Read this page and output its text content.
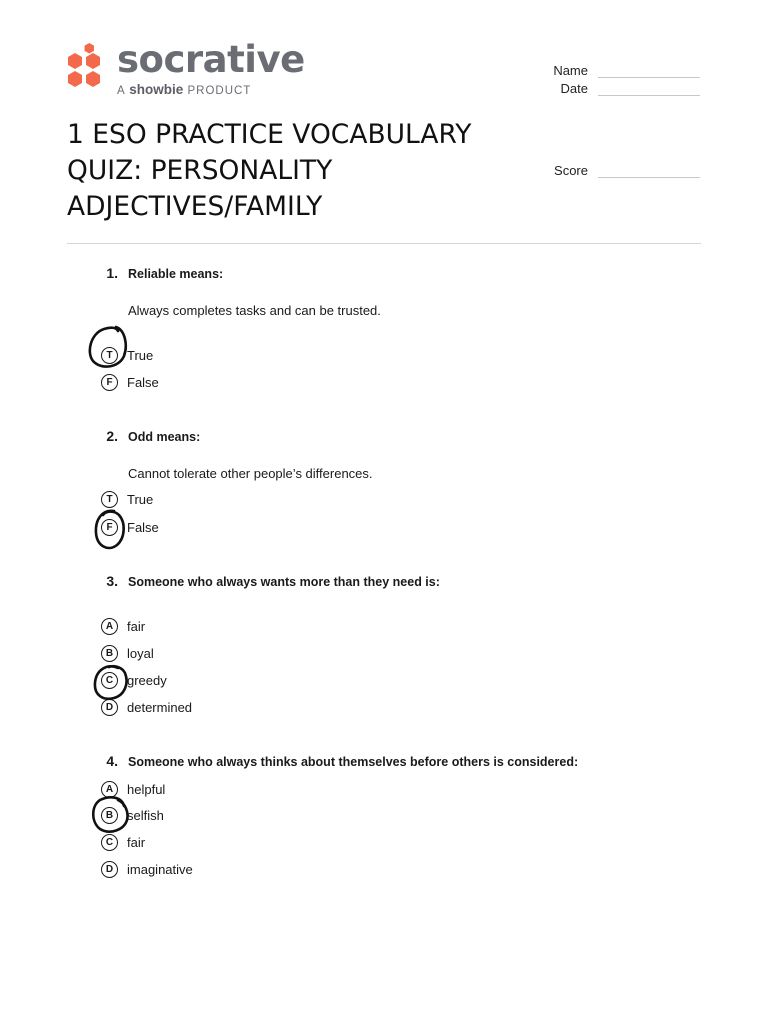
socrative
A showbie PRODUCT
Name
Date
Score
1 ESO PRACTICE VOCABULARY QUIZ: PERSONALITY ADJECTIVES/FAMILY
1. Reliable means:
Always completes tasks and can be trusted.
T	True
F	False
2. Odd means:
Cannot tolerate other people’s differences.
T	True
F	False
3. Someone who always wants more than they need is:
A	fair
B	loyal
C	greedy
D	determined
4. Someone who always thinks about themselves before others is considered:
A	helpful
B	selfish
C	fair
D	imaginative
